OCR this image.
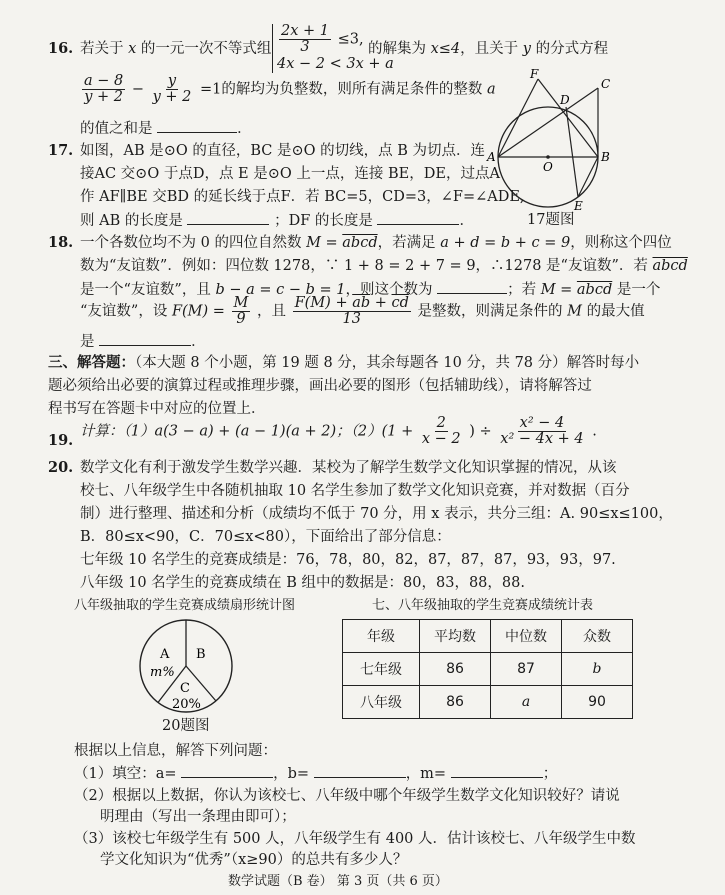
16. 若关于 x 的一元一次不等式组 $\frac{2x + 1}{3} \le 3$,
4x − 2 < 3x + a
的解集为 x≤4，且关于 y 的分式方程
$\frac{a - 8}{y + 2} - \frac{y}{y + 2} =1$的解均为负整数，则所有满足条件的整数 a
的值之和是	．
17. 如图，AB 是⊙O 的直径，BC 是⊙O 的切线，点 B 为切点．连
接AC 交⊙O 于点D，点 E 是⊙O 上一点，连接 BE，DE，过点A
作 AF∥BE 交BD 的延长线于点F．若 BC=5，CD=3，∠F=∠ADE,
则 AB 的长度是	；DF 的长度是	．
F
C
D
A
O
B
E
17题图
18. 一个各数位均不为 0 的四位自然数 M = abcd，若满足 a + d = b + c = 9，则称这个四位
数为“友谊数”．例如：四位数 1278，∵ 1 + 8 = 2 + 7 = 9，∴1278 是“友谊数”．若 abcd
是一个“友谊数”，且 b − a = c − b = 1，则这个数为	；若 M = abcd 是一个
“友谊数”，设 $F(M) = \frac{M}{9}$ ，且 $\frac{F(M) + \overline{ab} + \overline{cd}}{13}$ 是整数，则满足条件的 M 的最大值
是	．
三、解答题：（本大题 8 个小题，第 19 题 8 分，其余每题各 10 分，共 78 分）解答时每小
题必须给出必要的演算过程或推理步骤，画出必要的图形（包括辅助线），请将解答过
程书写在答题卡中对应的位置上．
19.
计算：（1）a(3 − a) + (a − 1)(a + 2)；$(2)(1 + \frac{2}{x - 2}$ ) ÷ $\frac{\text{x² − 4}}{\text{x² − 4x + 4}}$ .
20. 数学文化有利于激发学生数学兴趣．某校为了解学生数学文化知识掌握的情况，从该
校七、八年级学生中各随机抽取 10 名学生参加了数学文化知识竞赛，并对数据（百分
制）进行整理、描述和分析（成绩均不低于 70 分，用 x 表示，共分三组：A. 90≤x≤100，
B．80≤x<90，C．70≤x<80），下面给出了部分信息：
七年级 10 名学生的竞赛成绩是：76，78，80，82，87，87，87，93，93，97.
八年级 10 名学生的竞赛成绩在 B 组中的数据是：80，83，88，88.
八年级抽取的学生竞赛成绩扇形统计图	七、八年级抽取的学生竞赛成绩统计表
A
m%
B
C
20%
20题图
年级	平均数	中位数	众数
七年级	86	87	b
八年级	86	a	90
根据以上信息，解答下列问题：
（1）填空：a=	，b=	，m=	；
（2）根据以上数据，你认为该校七、八年级中哪个年级学生数学文化知识较好？请说
明理由（写出一条理由即可）；
（3）该校七年级学生有 500 人，八年级学生有 400 人．估计该校七、八年级学生中数
学文化知识为“优秀”（x≥90）的总共有多少人？
数学试题（B 卷） 第 3 页（共 6 页）
